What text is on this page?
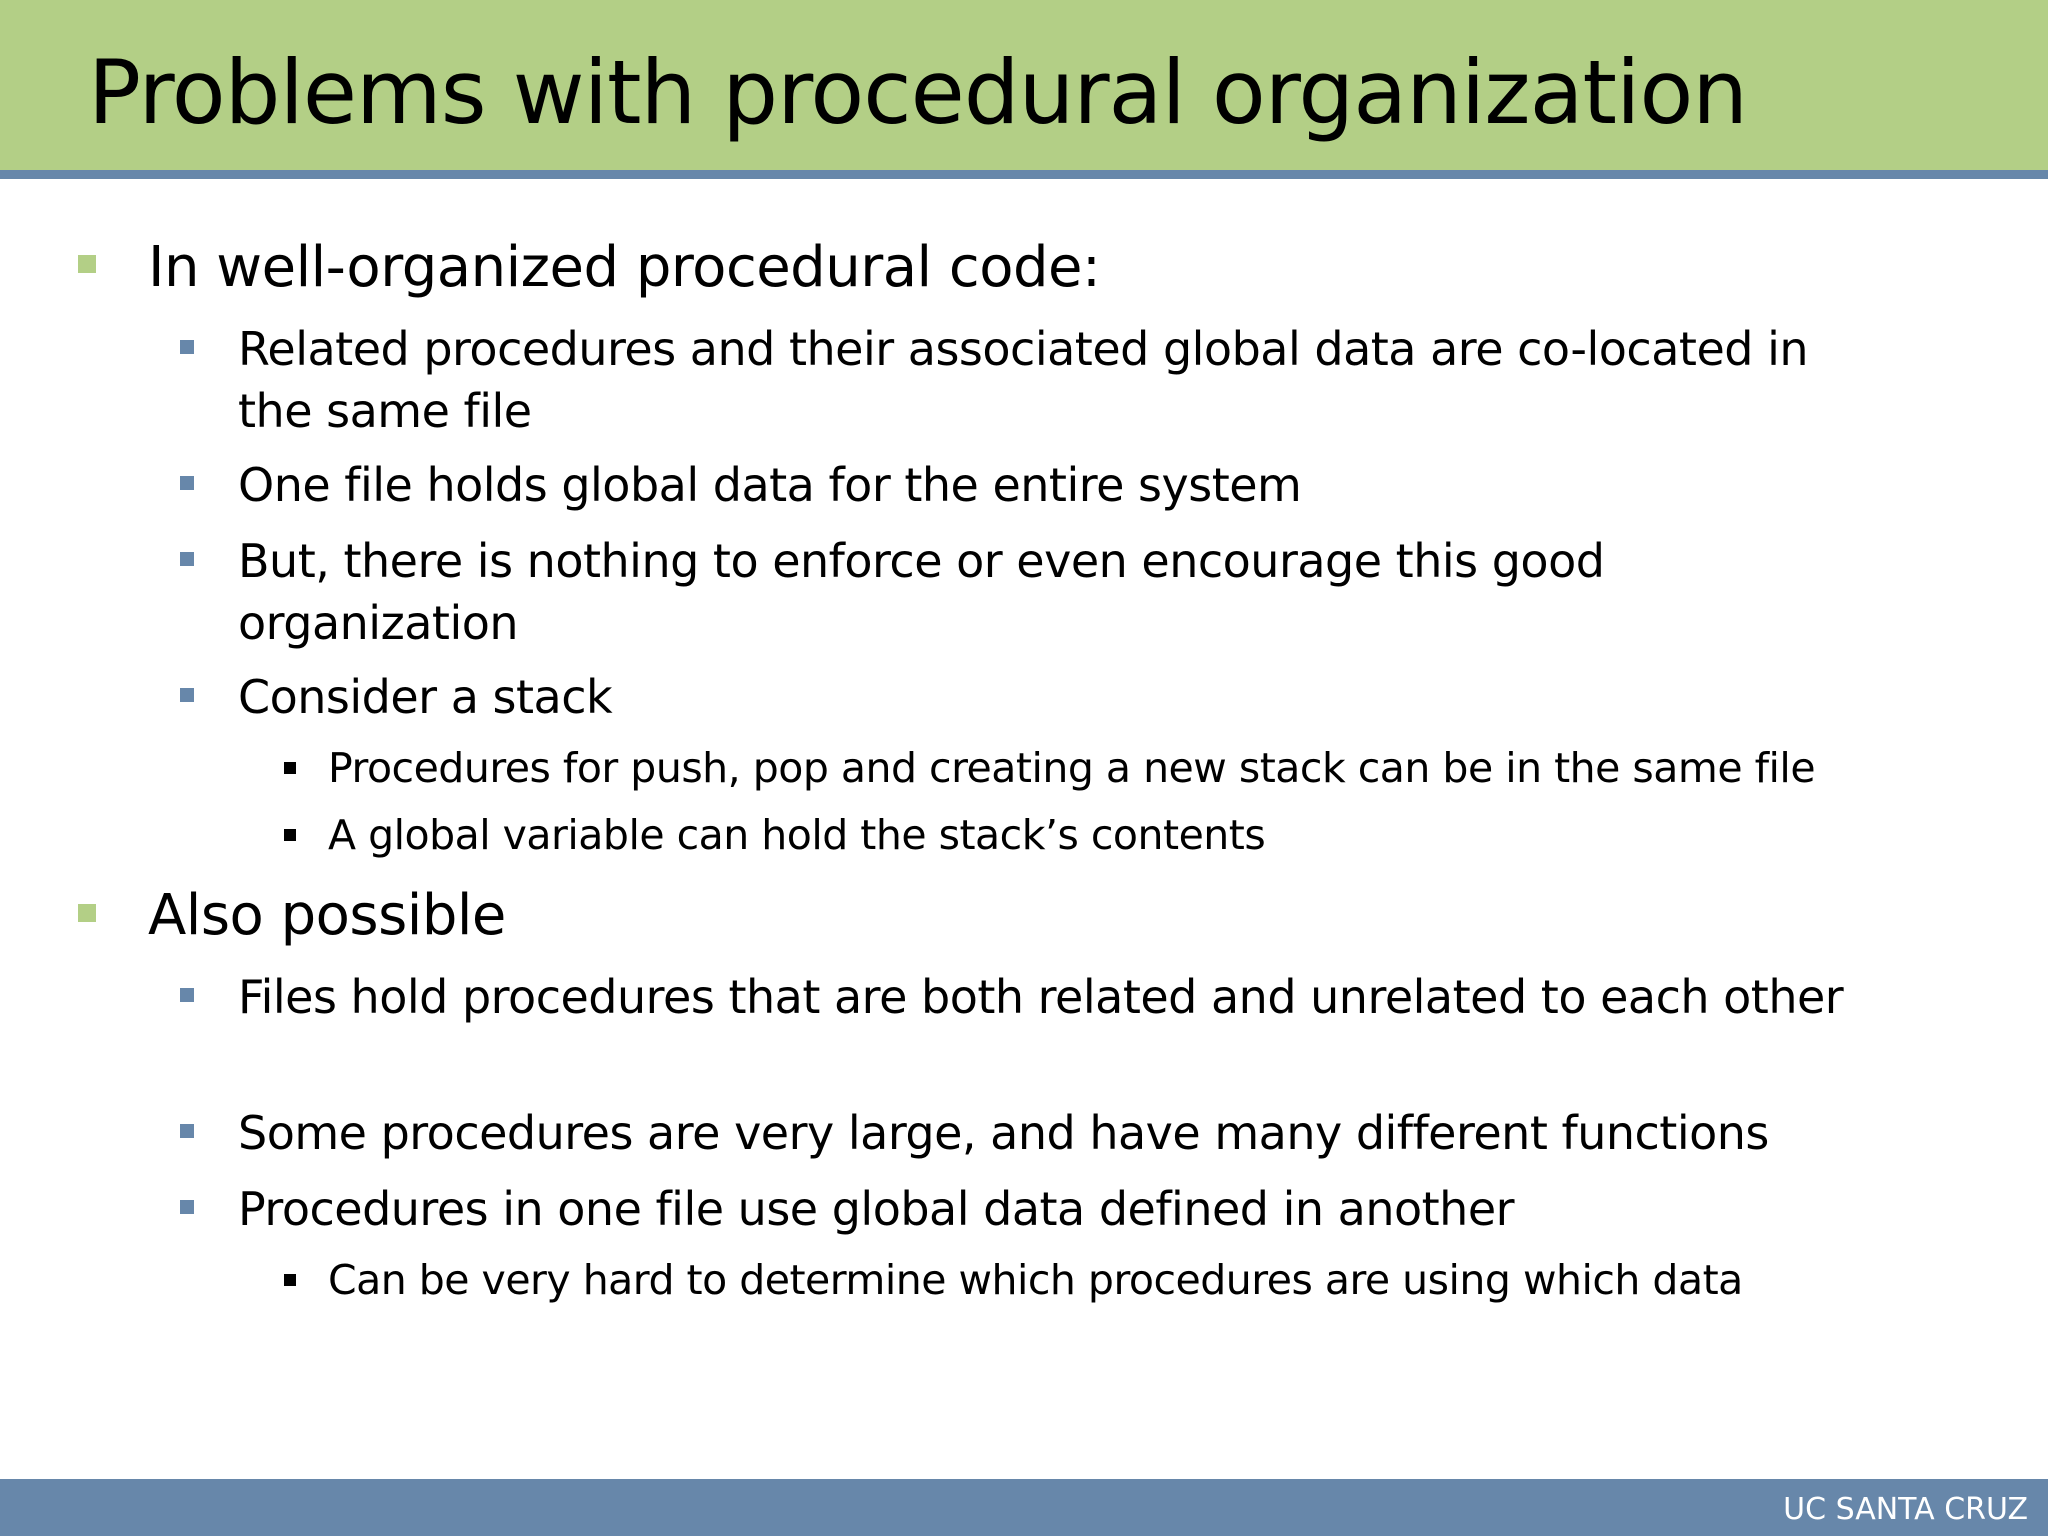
Problems with procedural organization
In well-organized procedural code:
Related procedures and their associated global data are co-located in the same file
One file holds global data for the entire system
But, there is nothing to enforce or even encourage this good organization
Consider a stack
Procedures for push, pop and creating a new stack can be in the same file
A global variable can hold the stack’s contents
Also possible
Files hold procedures that are both related and unrelated to each other
Some procedures are very large, and have many different functions
Procedures in one file use global data defined in another
Can be very hard to determine which procedures are using which data
UC SANTA CRUZ
